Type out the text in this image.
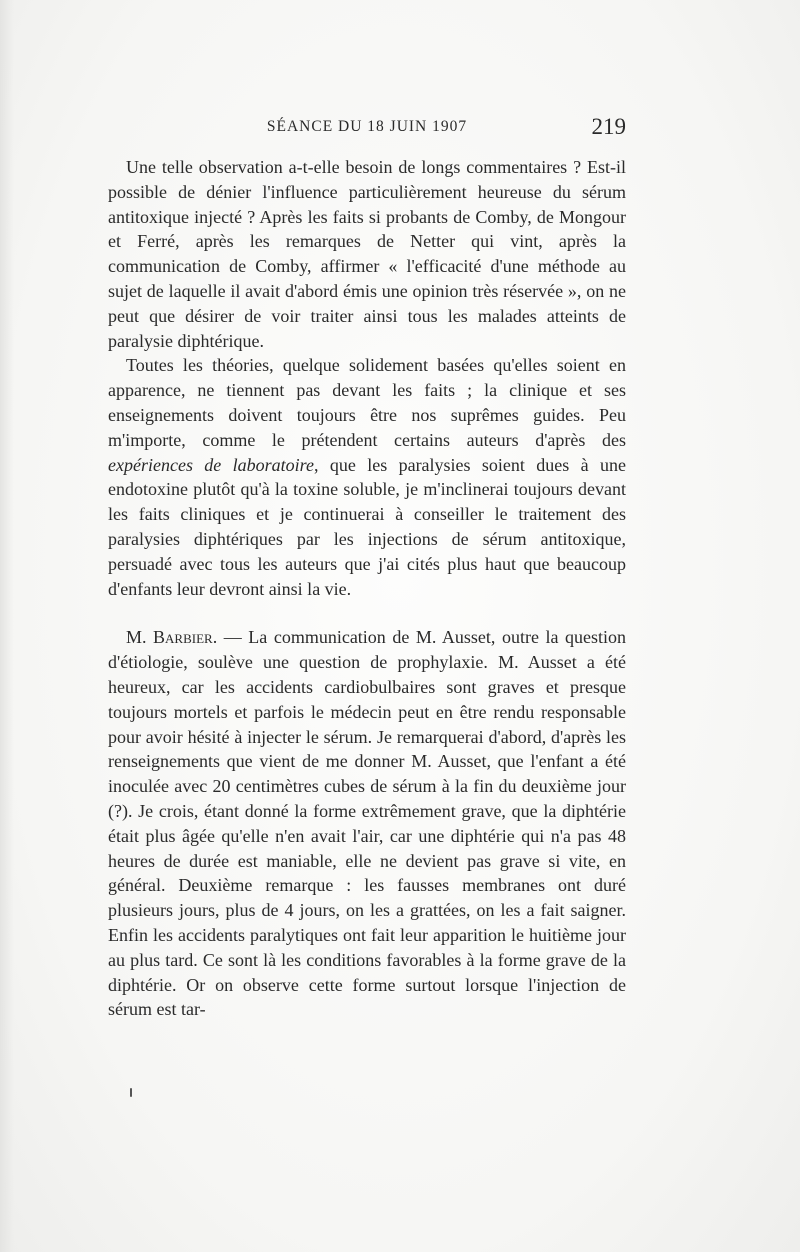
SÉANCE DU 18 JUIN 1907	219

Une telle observation a-t-elle besoin de longs commentaires ? Est-il possible de dénier l'influence particulièrement heureuse du sérum antitoxique injecté ? Après les faits si probants de Comby, de Mongour et Ferré, après les remarques de Netter qui vint, après la communication de Comby, affirmer « l'efficacité d'une méthode au sujet de laquelle il avait d'abord émis une opinion très réservée », on ne peut que désirer de voir traiter ainsi tous les malades atteints de paralysie diphtérique.

Toutes les théories, quelque solidement basées qu'elles soient en apparence, ne tiennent pas devant les faits ; la clinique et ses enseignements doivent toujours être nos suprêmes guides. Peu m'importe, comme le prétendent certains auteurs d'après des expériences de laboratoire, que les paralysies soient dues à une endotoxine plutôt qu'à la toxine soluble, je m'inclinerai toujours devant les faits cliniques et je continuerai à conseiller le traitement des paralysies diphtériques par les injections de sérum antitoxique, persuadé avec tous les auteurs que j'ai cités plus haut que beaucoup d'enfants leur devront ainsi la vie.

M. Barbier. — La communication de M. Ausset, outre la question d'étiologie, soulève une question de prophylaxie. M. Ausset a été heureux, car les accidents cardiobulbaires sont graves et presque toujours mortels et parfois le médecin peut en être rendu responsable pour avoir hésité à injecter le sérum. Je remarquerai d'abord, d'après les renseignements que vient de me donner M. Ausset, que l'enfant a été inoculée avec 20 centimètres cubes de sérum à la fin du deuxième jour (?). Je crois, étant donné la forme extrêmement grave, que la diphtérie était plus âgée qu'elle n'en avait l'air, car une diphtérie qui n'a pas 48 heures de durée est maniable, elle ne devient pas grave si vite, en général. Deuxième remarque : les fausses membranes ont duré plusieurs jours, plus de 4 jours, on les a grattées, on les a fait saigner. Enfin les accidents paralytiques ont fait leur apparition le huitième jour au plus tard. Ce sont là les conditions favorables à la forme grave de la diphtérie. Or on observe cette forme surtout lorsque l'injection de sérum est tar-
